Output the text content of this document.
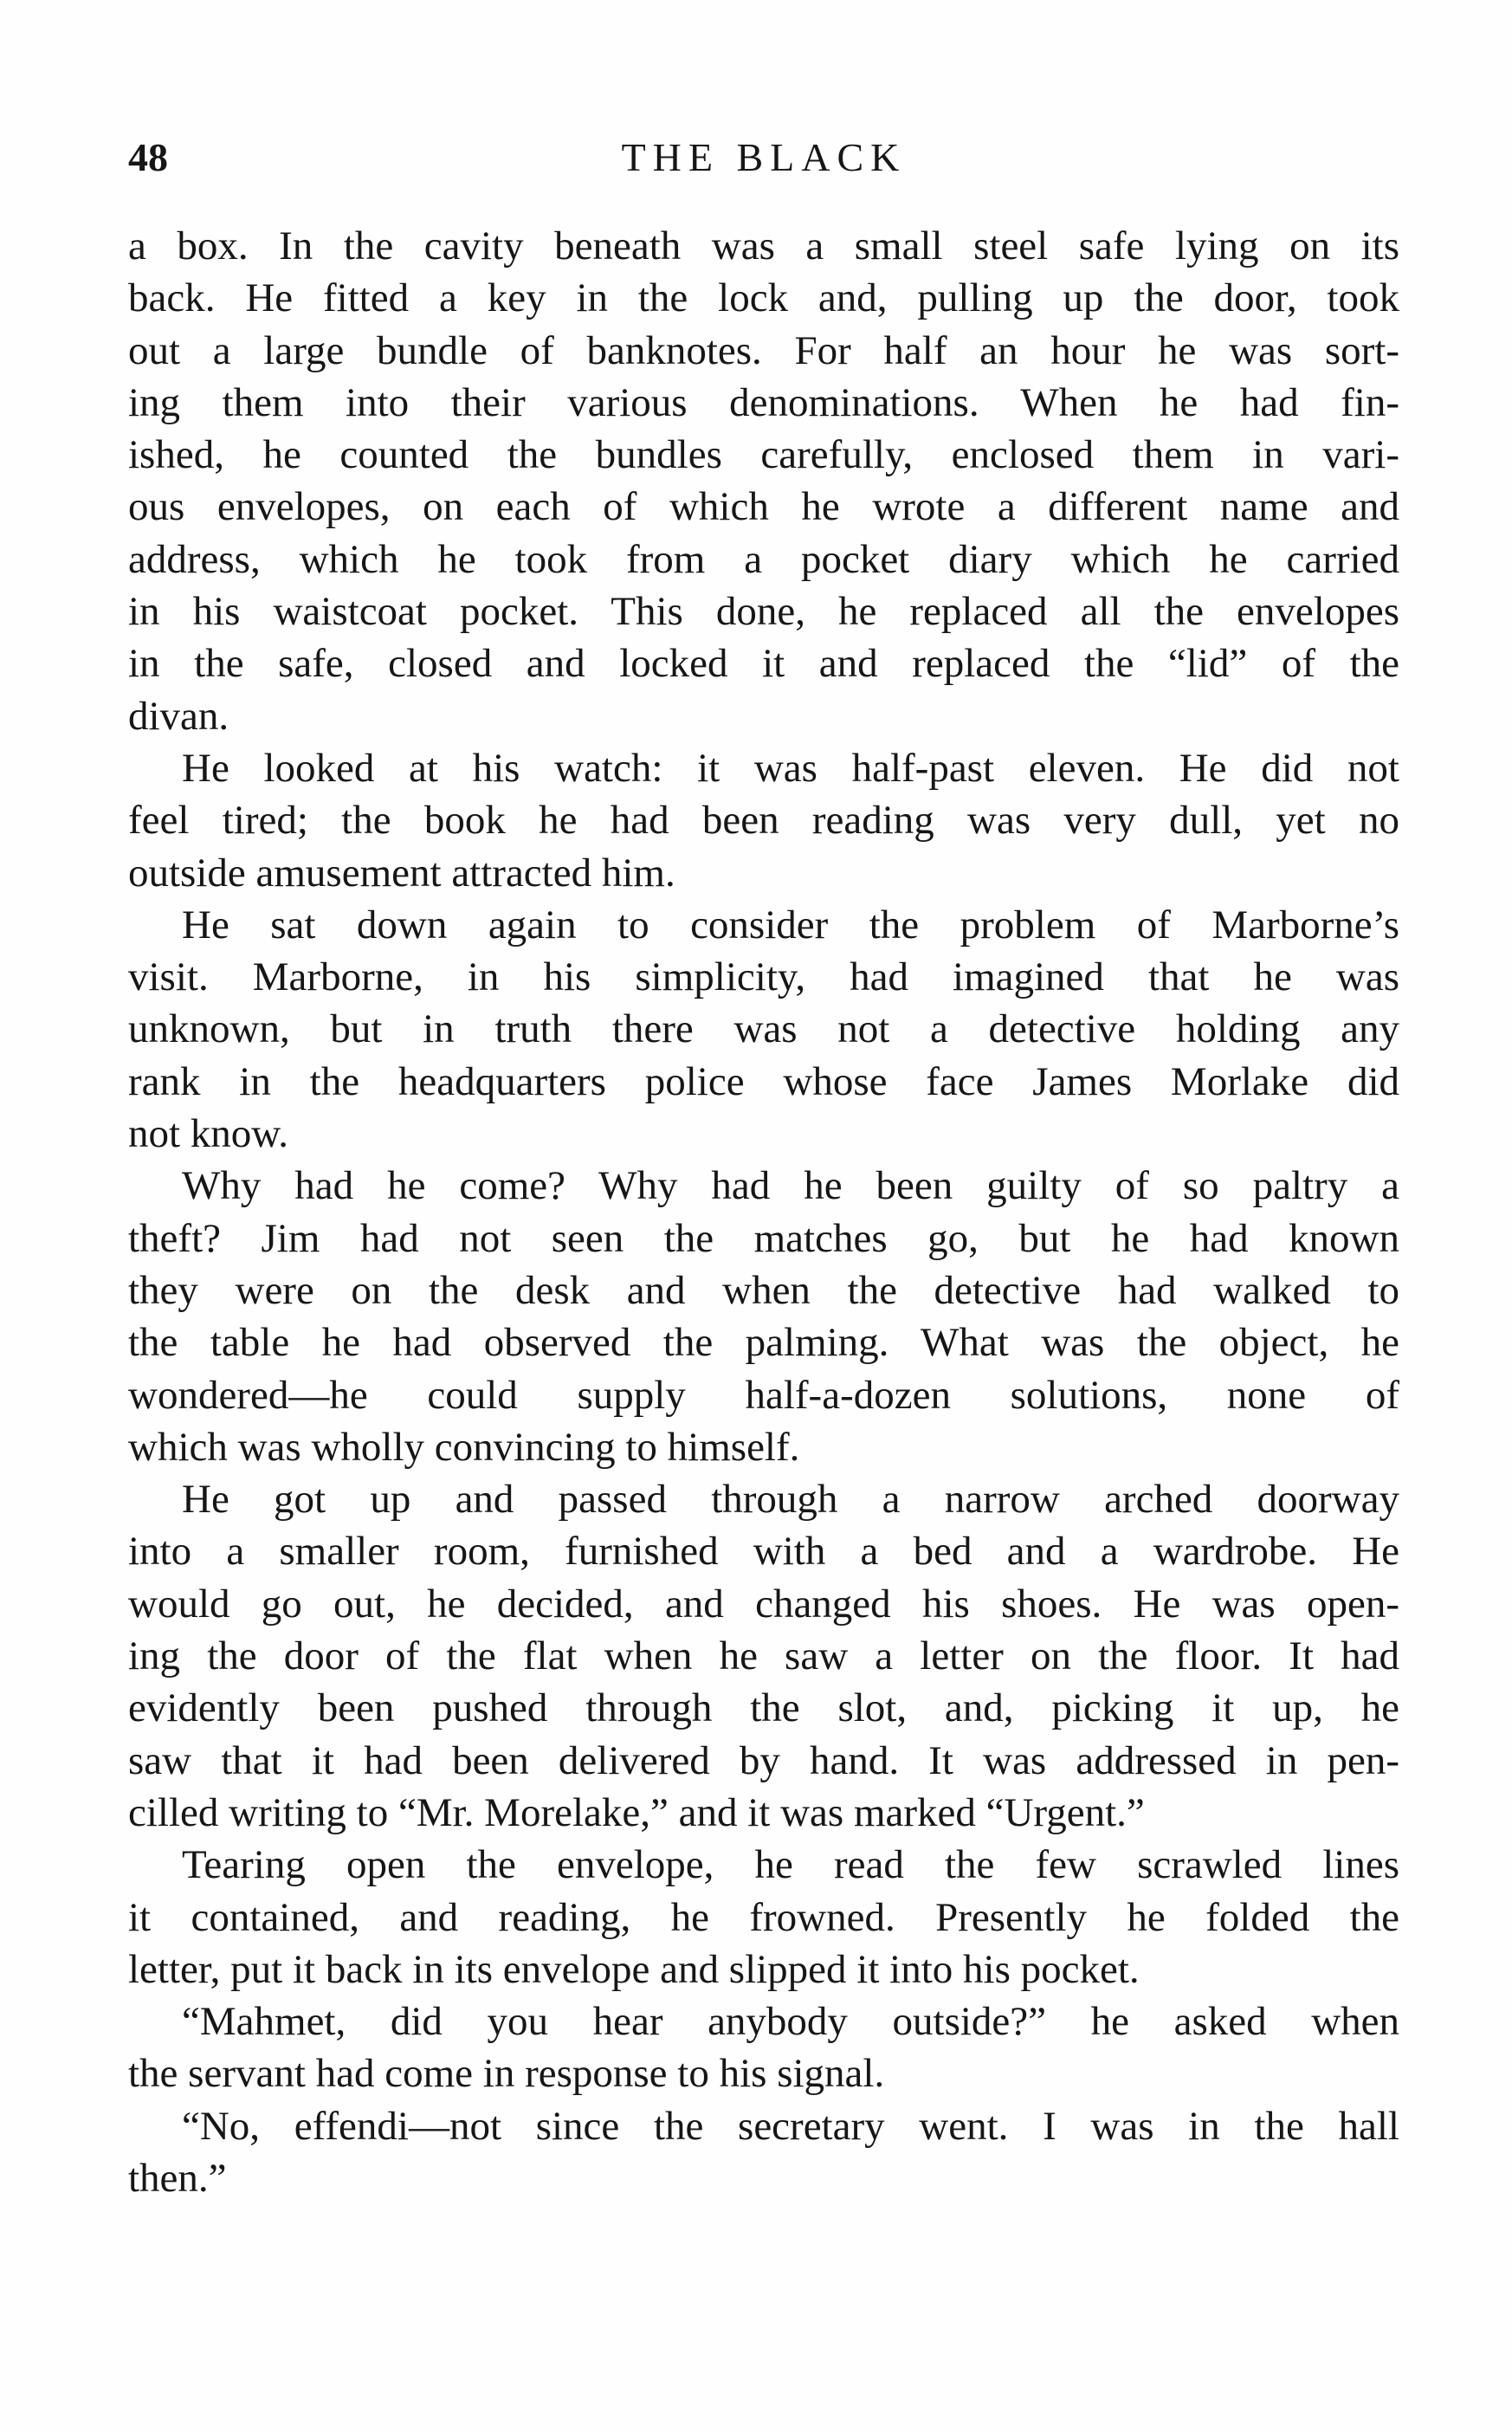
48	THE BLACK
a box. In the cavity beneath was a small steel safe lying on its
back. He fitted a key in the lock and, pulling up the door, took
out a large bundle of banknotes. For half an hour he was sort-
ing them into their various denominations. When he had fin-
ished, he counted the bundles carefully, enclosed them in vari-
ous envelopes, on each of which he wrote a different name and
address, which he took from a pocket diary which he carried
in his waistcoat pocket. This done, he replaced all the envelopes
in the safe, closed and locked it and replaced the “lid” of the
divan.
He looked at his watch: it was half-past eleven. He did not
feel tired; the book he had been reading was very dull, yet no
outside amusement attracted him.
He sat down again to consider the problem of Marborne’s
visit. Marborne, in his simplicity, had imagined that he was
unknown, but in truth there was not a detective holding any
rank in the headquarters police whose face James Morlake did
not know.
Why had he come? Why had he been guilty of so paltry a
theft? Jim had not seen the matches go, but he had known
they were on the desk and when the detective had walked to
the table he had observed the palming. What was the object, he
wondered—he could supply half-a-dozen solutions, none of
which was wholly convincing to himself.
He got up and passed through a narrow arched doorway
into a smaller room, furnished with a bed and a wardrobe. He
would go out, he decided, and changed his shoes. He was open-
ing the door of the flat when he saw a letter on the floor. It had
evidently been pushed through the slot, and, picking it up, he
saw that it had been delivered by hand. It was addressed in pen-
cilled writing to “Mr. Morelake,” and it was marked “Urgent.”
Tearing open the envelope, he read the few scrawled lines
it contained, and reading, he frowned. Presently he folded the
letter, put it back in its envelope and slipped it into his pocket.
“Mahmet, did you hear anybody outside?” he asked when
the servant had come in response to his signal.
“No, effendi—not since the secretary went. I was in the hall
then.”
